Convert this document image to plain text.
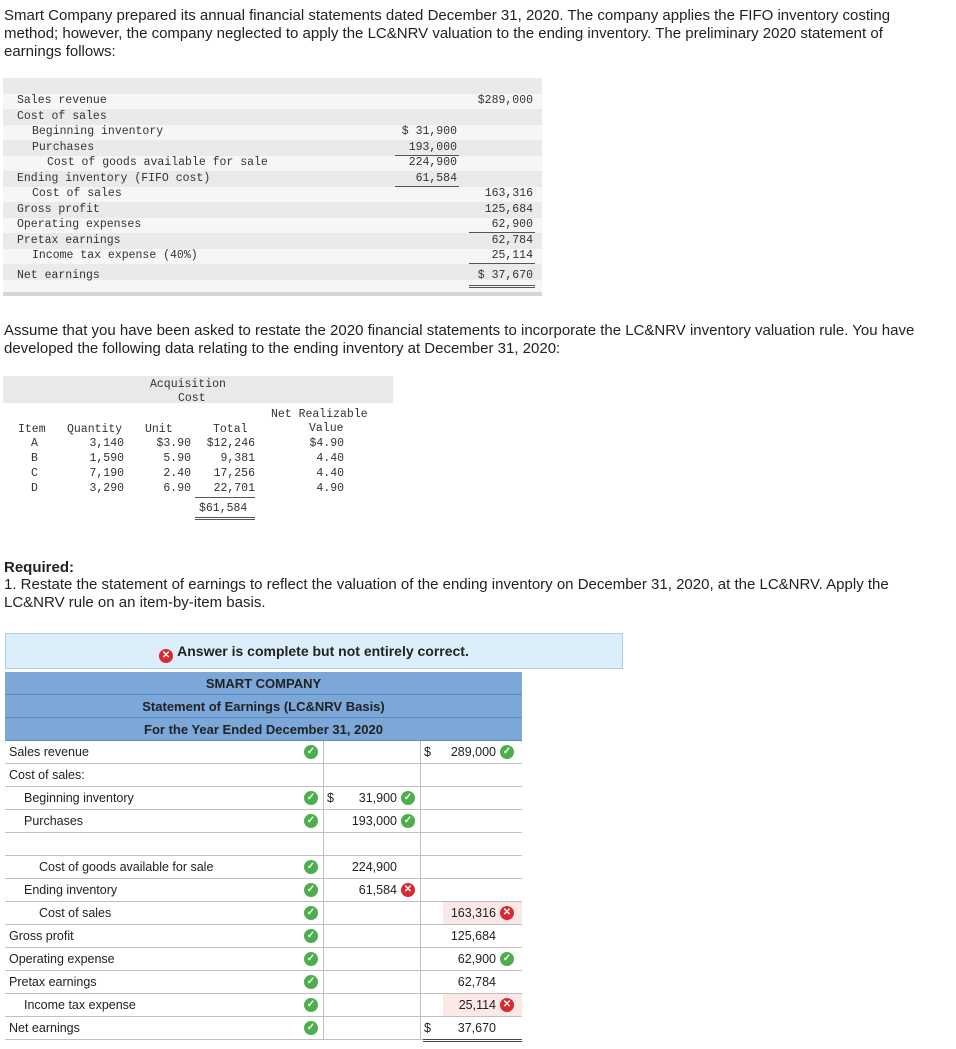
Smart Company prepared its annual financial statements dated December 31, 2020. The company applies the FIFO inventory costing method; however, the company neglected to apply the LC&NRV valuation to the ending inventory. The preliminary 2020 statement of earnings follows:

Sales revenue	$289,000
Cost of sales
Beginning inventory	$ 31,900
Purchases	193,000
Cost of goods available for sale	224,900
Ending inventory (FIFO cost)	61,584
Cost of sales	163,316
Gross profit	125,684
Operating expenses	62,900
Pretax earnings	62,784
Income tax expense (40%)	25,114
Net earnings	$ 37,670

Assume that you have been asked to restate the 2020 financial statements to incorporate the LC&NRV inventory valuation rule. You have developed the following data relating to the ending inventory at December 31, 2020:

Acquisition
Cost
Net Realizable
Value
Item Quantity Unit	Total
A	3,140	$3.90 $12,246	$4.90
B	1,590	5.90	9,381	4.40
C	7,190	2.40 17,256	4.40
D	3,290	6.90 22,701	4.90
$61,584

Required:

1. Restate the statement of earnings to reflect the valuation of the ending inventory on December 31, 2020, at the LC&NRV. Apply the LC&NRV rule on an item-by-item basis.

✕ Answer is complete but not entirely correct.
SMART COMPANY
Statement of Earnings (LC&NRV Basis)
For the Year Ended December 31, 2020
Sales revenue	✓	$ 289,000 ✓
Cost of sales:
Beginning inventory	✓ $ 31,900 ✓
Purchases	✓	193,000 ✓
Cost of goods available for sale	✓	224,900
Ending inventory	✓	61,584 ✕
Cost of sales	✓	163,316 ✕
Gross profit	✓	125,684
Operating expense	✓	62,900 ✓
Pretax earnings	✓	62,784
Income tax expense	✓	25,114 ✕
Net earnings	✓	$ 37,670
